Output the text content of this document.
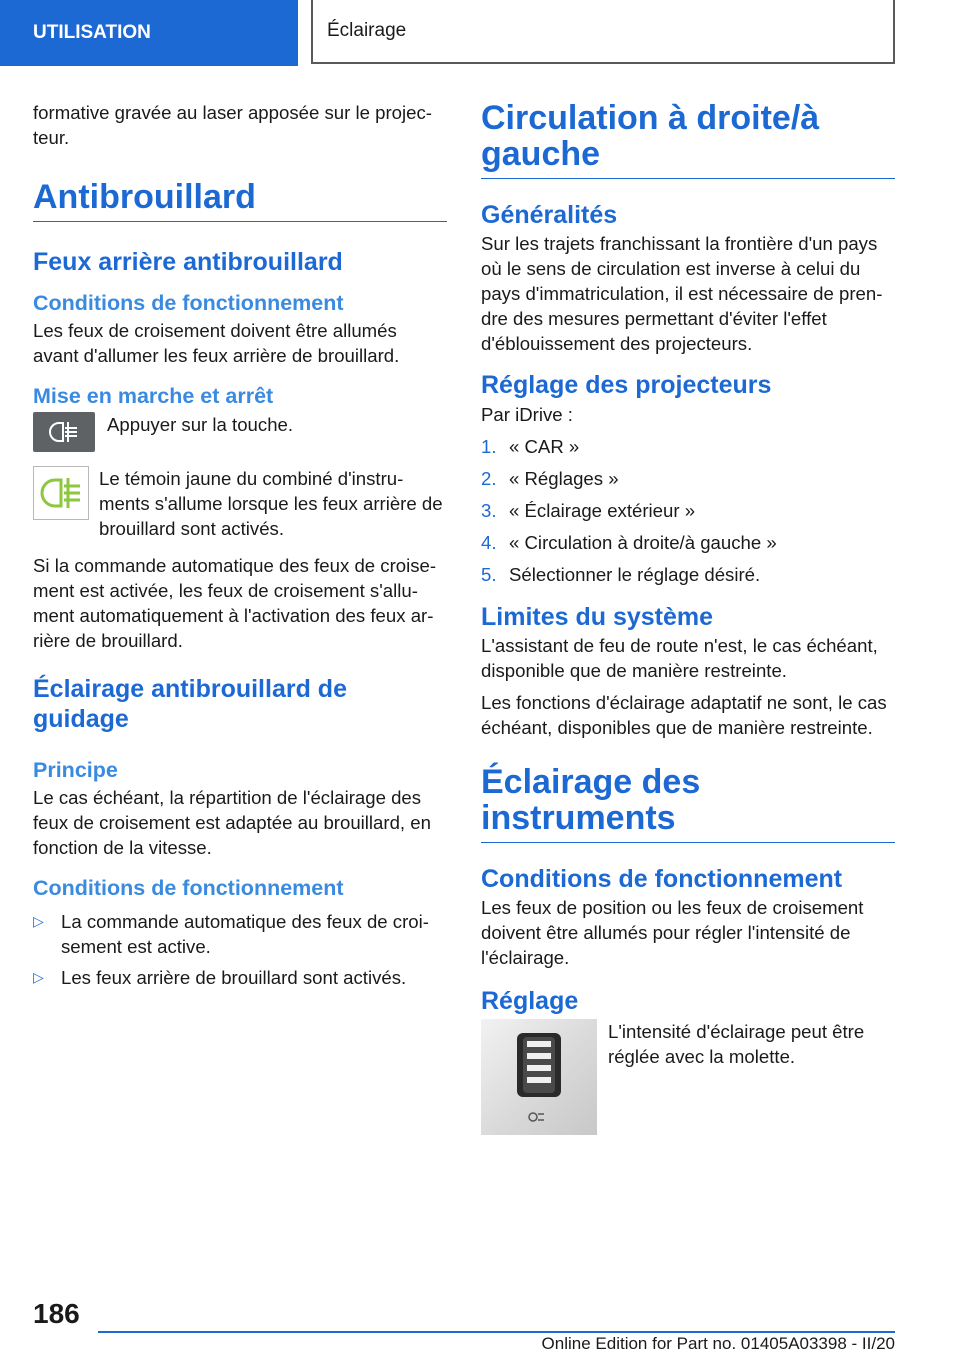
UTILISATION	Éclairage

formative gravée au laser apposée sur le projec-teur.

Antibrouillard
Feux arrière antibrouillard
Conditions de fonctionnement

Les feux de croisement doivent être allumés avant d'allumer les feux arrière de brouillard.

Mise en marche et arrêt

Appuyer sur la touche.

Le témoin jaune du combiné d'instru-ments s'allume lorsque les feux arrière de brouillard sont activés.

Si la commande automatique des feux de croise-ment est activée, les feux de croisement s'allu-ment automatiquement à l'activation des feux ar-rière de brouillard.

Éclairage antibrouillard de guidage
Principe

Le cas échéant, la répartition de l'éclairage des feux de croisement est adaptée au brouillard, en fonction de la vitesse.

Conditions de fonctionnement
▷ La commande automatique des feux de croi-sement est active.

▷ Les feux arrière de brouillard sont activés.

Circulation à droite/à gauche
Généralités

Sur les trajets franchissant la frontière d'un pays où le sens de circulation est inverse à celui du pays d'immatriculation, il est nécessaire de pren-dre des mesures permettant d'éviter l'effet d'éblouissement des projecteurs.

Réglage des projecteurs

Par iDrive :

1. « CAR »

2. « Réglages »

3. « Éclairage extérieur »

4. « Circulation à droite/à gauche »

5. Sélectionner le réglage désiré.

Limites du système

L'assistant de feu de route n'est, le cas échéant, disponible que de manière restreinte.

Les fonctions d'éclairage adaptatif ne sont, le cas échéant, disponibles que de manière restreinte.

Éclairage des instruments
Conditions de fonctionnement

Les feux de position ou les feux de croisement doivent être allumés pour régler l'intensité de l'éclairage.

Réglage

L'intensité d'éclairage peut être réglée avec la molette.

186
Online Edition for Part no. 01405A03398 - II/20
